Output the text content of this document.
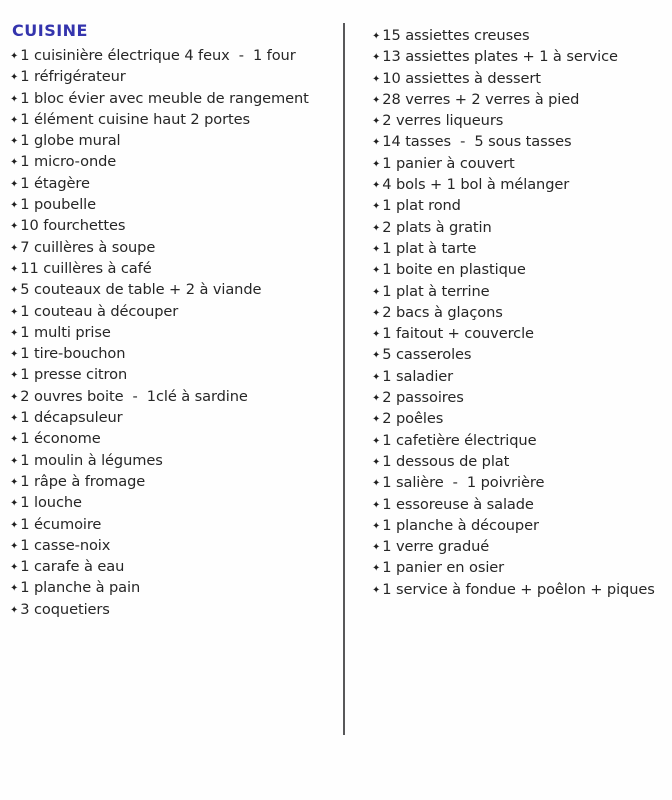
CUISINE
✦ 1 cuisinière électrique 4 feux  -  1 four
✦ 1 réfrigérateur
✦ 1 bloc évier avec meuble de rangement
✦ 1 élément cuisine haut 2 portes
✦ 1 globe mural
✦ 1 micro-onde
✦ 1 étagère
✦ 1 poubelle
✦ 10 fourchettes
✦ 7 cuillères à soupe
✦ 11 cuillères à café
✦ 5 couteaux de table + 2 à viande
✦ 1 couteau à découper
✦ 1 multi prise
✦ 1 tire-bouchon
✦ 1 presse citron
✦ 2 ouvres boite  -  1clé à sardine
✦ 1 décapsuleur
✦ 1 économe
✦ 1 moulin à légumes
✦ 1 râpe à fromage
✦ 1 louche
✦ 1 écumoire
✦ 1 casse-noix
✦ 1 carafe à eau
✦ 1 planche à pain
✦ 3 coquetiers
✦ 15 assiettes creuses
✦ 13 assiettes plates + 1 à service
✦ 10 assiettes à dessert
✦ 28 verres + 2 verres à pied
✦ 2 verres liqueurs
✦ 14 tasses  -  5 sous tasses
✦ 1 panier à couvert
✦ 4 bols + 1 bol à mélanger
✦ 1 plat rond
✦ 2 plats à gratin
✦ 1 plat à tarte
✦ 1 boite en plastique
✦ 1 plat à terrine
✦ 2 bacs à glaçons
✦ 1 faitout + couvercle
✦ 5 casseroles
✦ 1 saladier
✦ 2 passoires
✦ 2 poêles
✦ 1 cafetière électrique
✦ 1 dessous de plat
✦ 1 salière  -  1 poivrière
✦ 1 essoreuse à salade
✦ 1 planche à découper
✦ 1 verre gradué
✦ 1 panier en osier
✦ 1 service à fondue + poêlon + piques
